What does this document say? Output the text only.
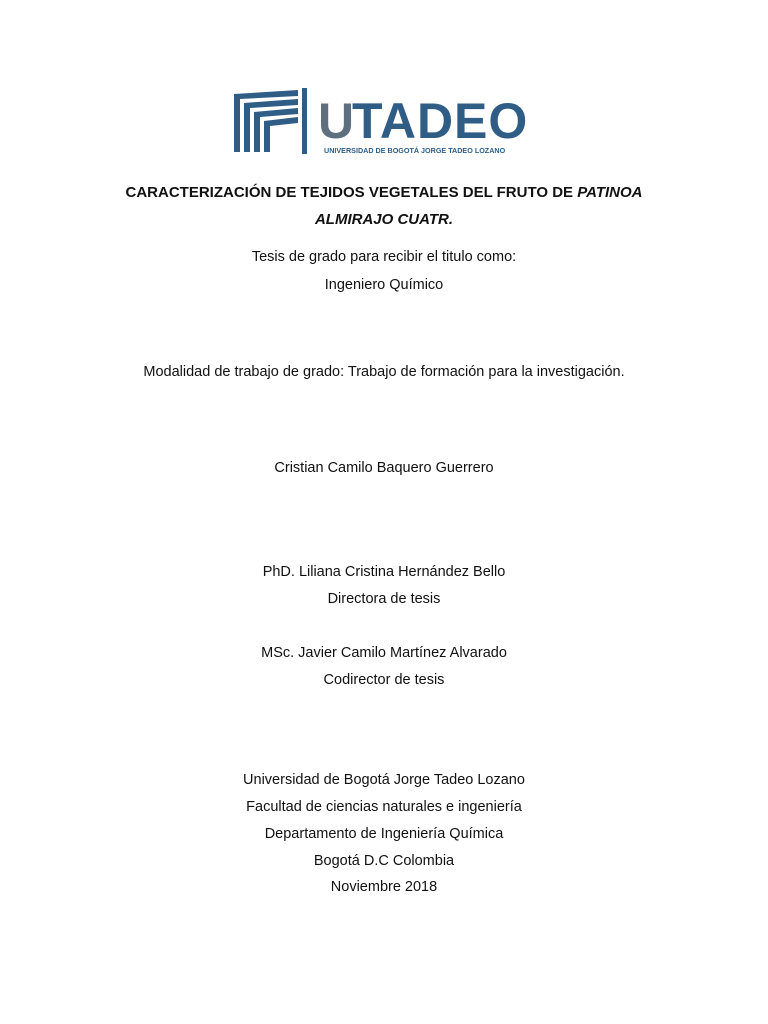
U
TADEO
UNIVERSIDAD DE BOGOTÁ JORGE TADEO LOZANO
CARACTERIZACIÓN DE TEJIDOS VEGETALES DEL FRUTO DE PATINOA
ALMIRAJO CUATR.
Tesis de grado para recibir el titulo como:
Ingeniero Químico
Modalidad de trabajo de grado: Trabajo de formación para la investigación.
Cristian Camilo Baquero Guerrero
PhD. Liliana Cristina Hernández Bello
Directora de tesis
MSc. Javier Camilo Martínez Alvarado
Codirector de tesis
Universidad de Bogotá Jorge Tadeo Lozano
Facultad de ciencias naturales e ingeniería
Departamento de Ingeniería Química
Bogotá D.C Colombia
Noviembre 2018
